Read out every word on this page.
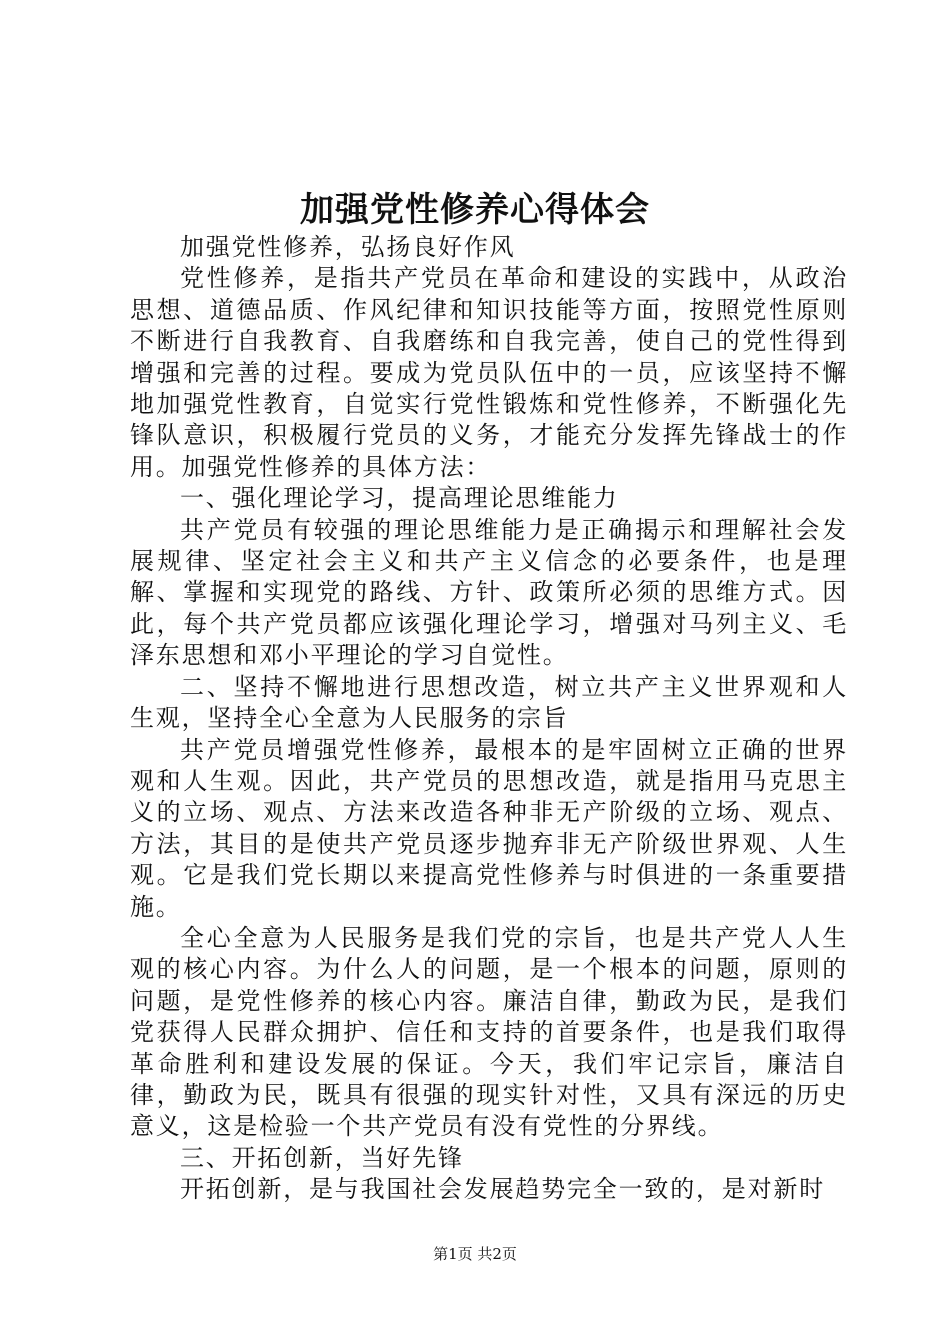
加强党性修养心得体会

加强党性修养，弘扬良好作风

党性修养，是指共产党员在革命和建设的实践中，从政治思想、道德品质、作风纪律和知识技能等方面，按照党性原则不断进行自我教育、自我磨练和自我完善，使自己的党性得到增强和完善的过程。要成为党员队伍中的一员，应该坚持不懈地加强党性教育，自觉实行党性锻炼和党性修养，不断强化先锋队意识，积极履行党员的义务，才能充分发挥先锋战士的作用。加强党性修养的具体方法：

一、强化理论学习，提高理论思维能力

共产党员有较强的理论思维能力是正确揭示和理解社会发展规律、坚定社会主义和共产主义信念的必要条件，也是理解、掌握和实现党的路线、方针、政策所必须的思维方式。因此，每个共产党员都应该强化理论学习，增强对马列主义、毛泽东思想和邓小平理论的学习自觉性。

二、坚持不懈地进行思想改造，树立共产主义世界观和人生观，坚持全心全意为人民服务的宗旨

共产党员增强党性修养，最根本的是牢固树立正确的世界观和人生观。因此，共产党员的思想改造，就是指用马克思主义的立场、观点、方法来改造各种非无产阶级的立场、观点、方法，其目的是使共产党员逐步抛弃非无产阶级世界观、人生观。它是我们党长期以来提高党性修养与时俱进的一条重要措施。

全心全意为人民服务是我们党的宗旨，也是共产党人人生观的核心内容。为什么人的问题，是一个根本的问题，原则的问题，是党性修养的核心内容。廉洁自律，勤政为民，是我们党获得人民群众拥护、信任和支持的首要条件，也是我们取得革命胜利和建设发展的保证。今天，我们牢记宗旨，廉洁自律，勤政为民，既具有很强的现实针对性，又具有深远的历史意义，这是检验一个共产党员有没有党性的分界线。

三、开拓创新，当好先锋

开拓创新，是与我国社会发展趋势完全一致的，是对新时

第1页 共2页
